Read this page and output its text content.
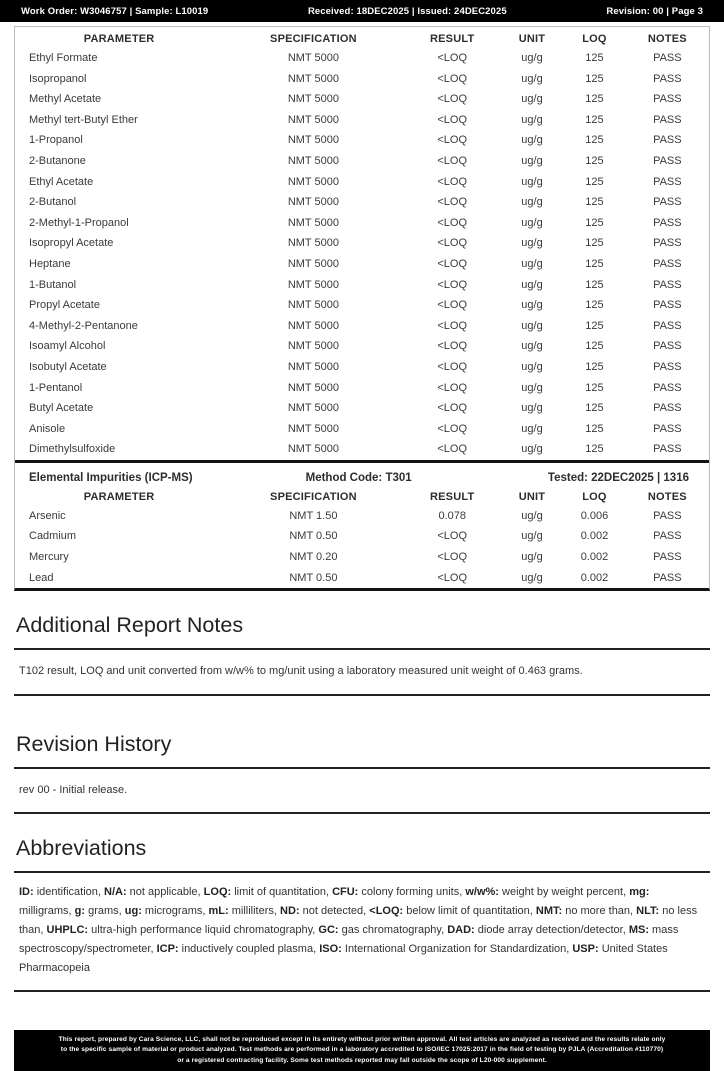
Work Order: W3046757 | Sample: L10019	Received: 18DEC2025 | Issued: 24DEC2025	Revision: 00 | Page 3
PARAMETER	SPECIFICATION	RESULT	UNIT	LOQ	NOTES
Ethyl Formate	NMT 5000	<LOQ	ug/g	125	PASS
Isopropanol	NMT 5000	<LOQ	ug/g	125	PASS
Methyl Acetate	NMT 5000	<LOQ	ug/g	125	PASS
Methyl tert-Butyl Ether	NMT 5000	<LOQ	ug/g	125	PASS
1-Propanol	NMT 5000	<LOQ	ug/g	125	PASS
2-Butanone	NMT 5000	<LOQ	ug/g	125	PASS
Ethyl Acetate	NMT 5000	<LOQ	ug/g	125	PASS
2-Butanol	NMT 5000	<LOQ	ug/g	125	PASS
2-Methyl-1-Propanol	NMT 5000	<LOQ	ug/g	125	PASS
Isopropyl Acetate	NMT 5000	<LOQ	ug/g	125	PASS
Heptane	NMT 5000	<LOQ	ug/g	125	PASS
1-Butanol	NMT 5000	<LOQ	ug/g	125	PASS
Propyl Acetate	NMT 5000	<LOQ	ug/g	125	PASS
4-Methyl-2-Pentanone	NMT 5000	<LOQ	ug/g	125	PASS
Isoamyl Alcohol	NMT 5000	<LOQ	ug/g	125	PASS
Isobutyl Acetate	NMT 5000	<LOQ	ug/g	125	PASS
1-Pentanol	NMT 5000	<LOQ	ug/g	125	PASS
Butyl Acetate	NMT 5000	<LOQ	ug/g	125	PASS
Anisole	NMT 5000	<LOQ	ug/g	125	PASS
Dimethylsulfoxide	NMT 5000	<LOQ	ug/g	125	PASS
Elemental Impurities (ICP-MS)	Method Code: T301	Tested: 22DEC2025 | 1316
PARAMETER	SPECIFICATION	RESULT	UNIT	LOQ	NOTES
Arsenic	NMT 1.50	0.078	ug/g	0.006	PASS
Cadmium	NMT 0.50	<LOQ	ug/g	0.002	PASS
Mercury	NMT 0.20	<LOQ	ug/g	0.002	PASS
Lead	NMT 0.50	<LOQ	ug/g	0.002	PASS
Additional Report Notes
T102 result, LOQ and unit converted from w/w% to mg/unit using a laboratory measured unit weight of 0.463 grams.
Revision History
rev 00 - Initial release.
Abbreviations
ID: identification, N/A: not applicable, LOQ: limit of quantitation, CFU: colony forming units, w/w%: weight by weight percent, mg: milligrams, g: grams, ug: micrograms, mL: milliliters, ND: not detected, <LOQ: below limit of quantitation, NMT: no more than, NLT: no less than, UHPLC: ultra-high performance liquid chromatography, GC: gas chromatography, DAD: diode array detection/detector, MS: mass spectroscopy/spectrometer, ICP: inductively coupled plasma, ISO: International Organization for Standardization, USP: United States Pharmacopeia
This report, prepared by Cara Science, LLC, shall not be reproduced except in its entirety without prior written approval. All test articles are analyzed as received and the results relate only
to the specific sample of material or product analyzed. Test methods are performed in a laboratory accredited to ISO/IEC 17025:2017 in the field of testing by PJLA (Accreditation #110770)
or a registered contracting facility. Some test methods reported may fall outside the scope of L20-000 supplement.
